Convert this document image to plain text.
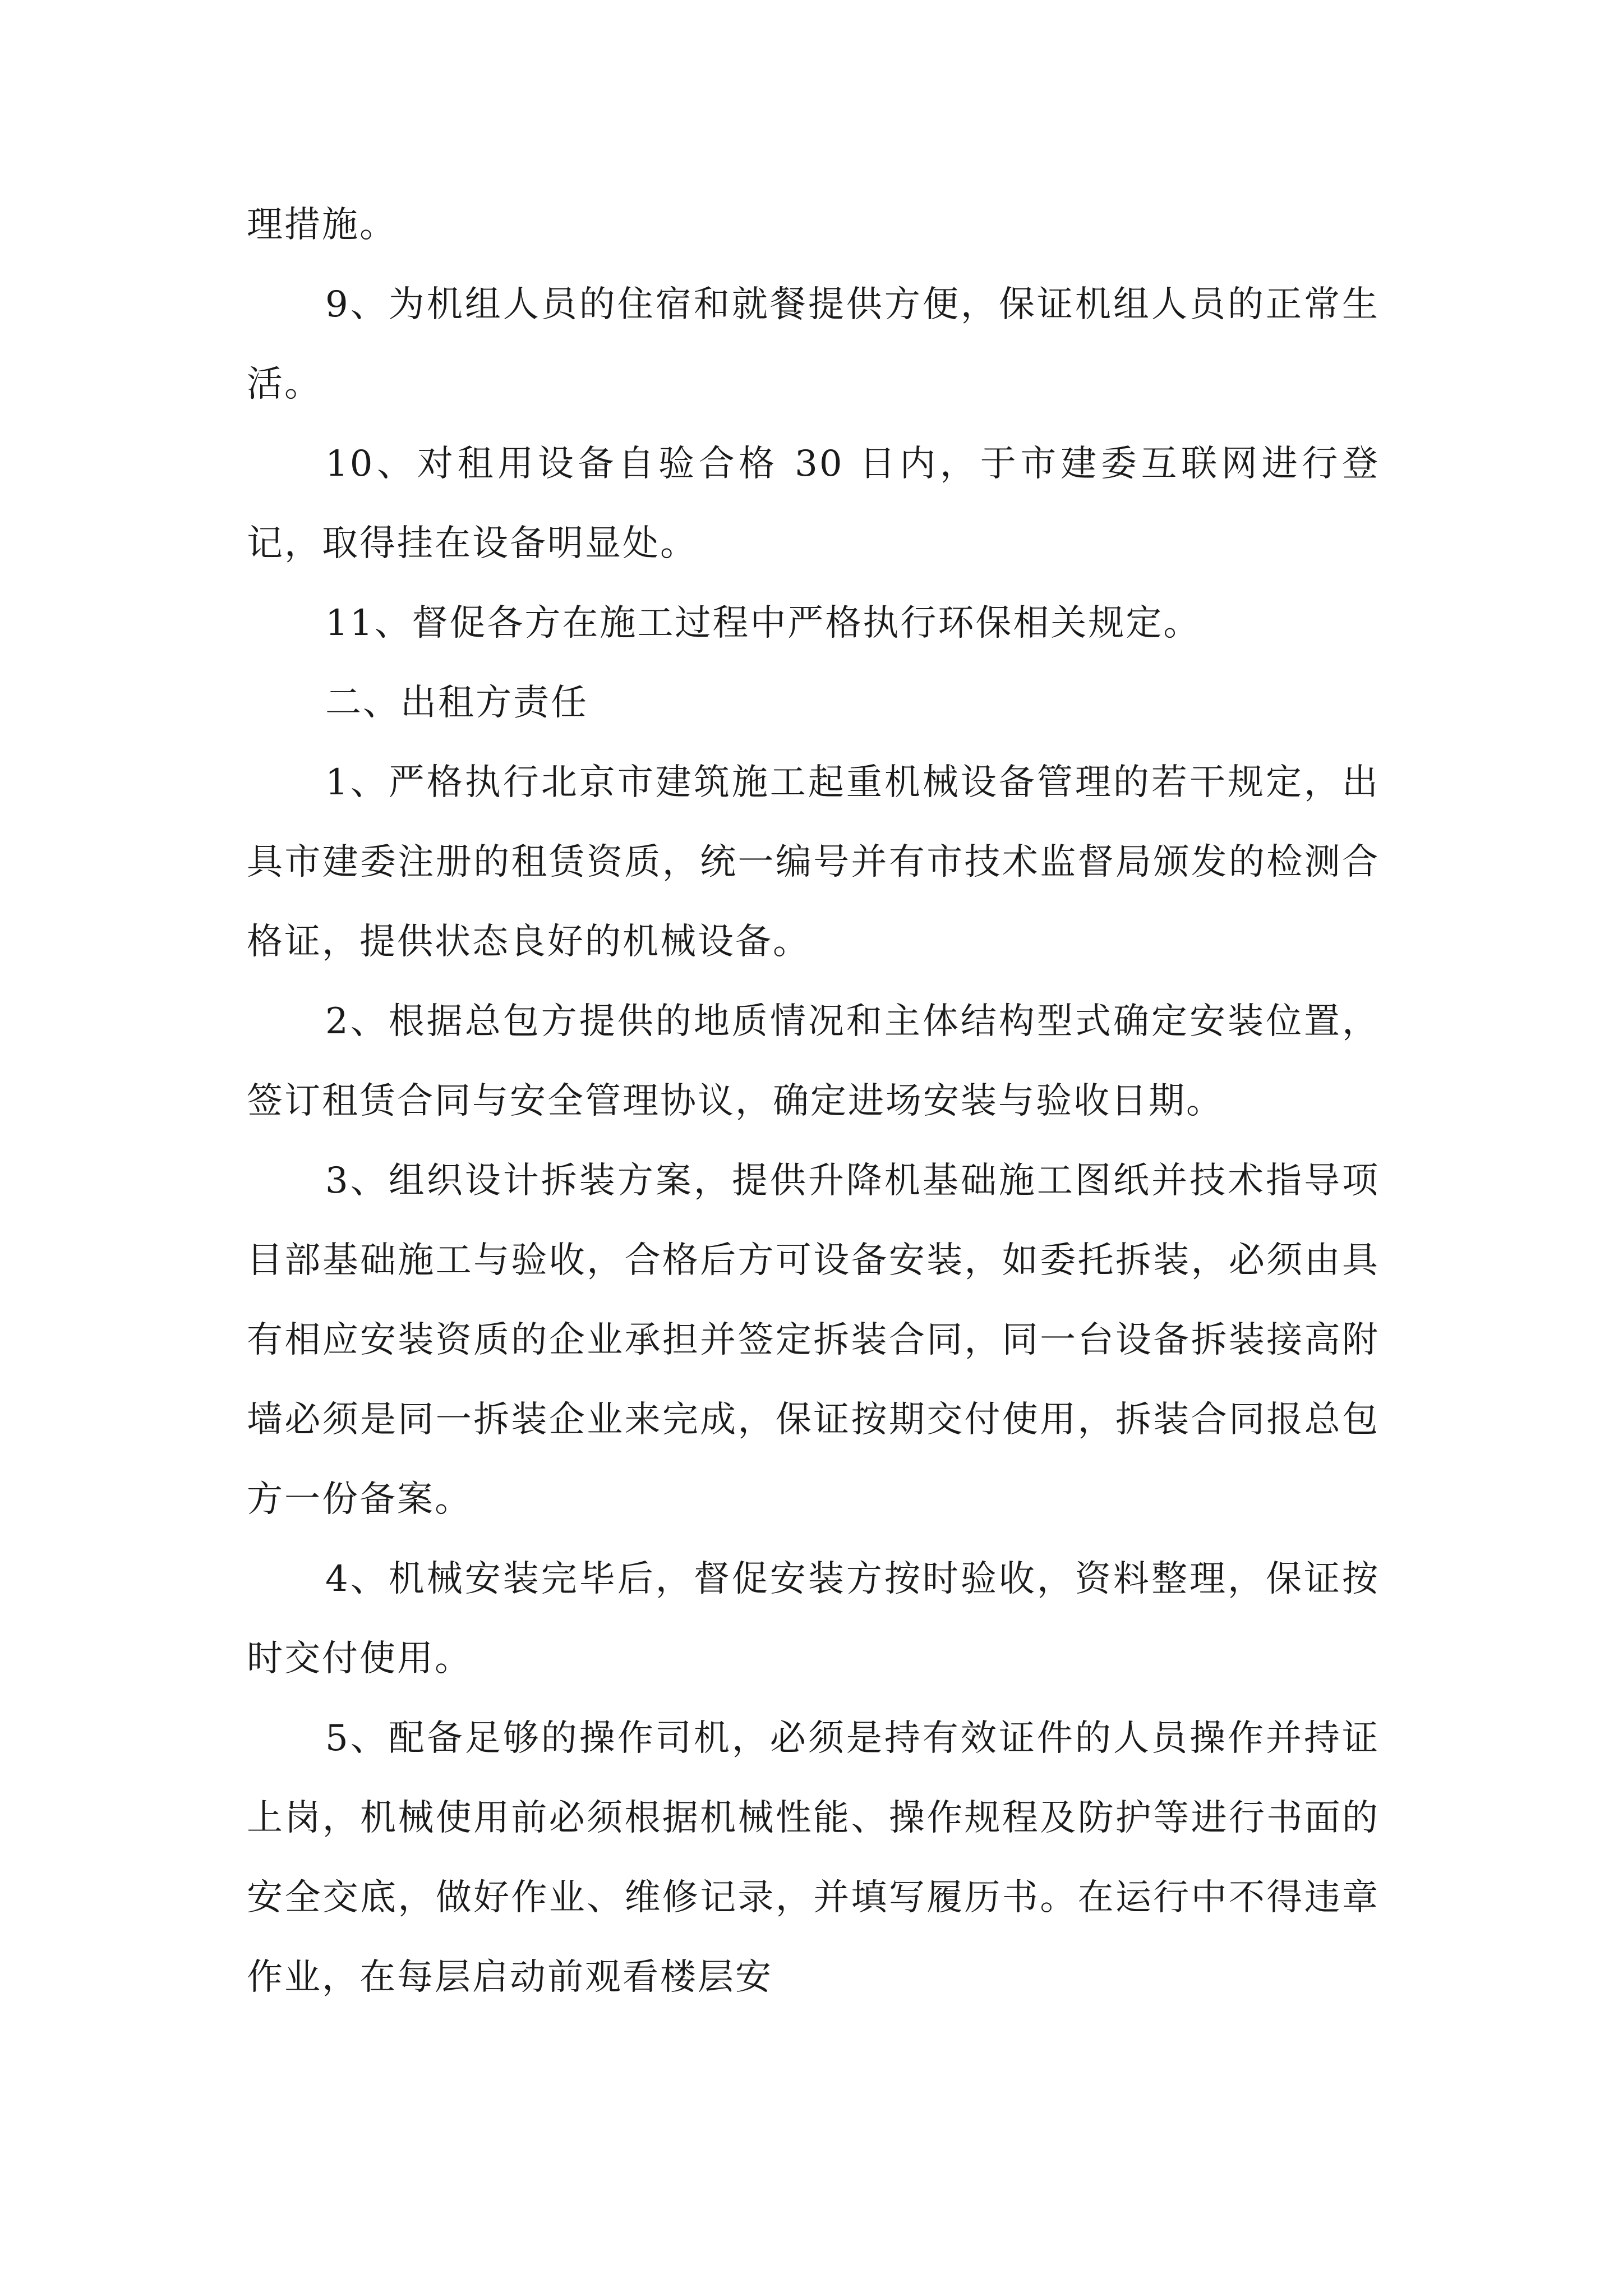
理措施。

9、为机组人员的住宿和就餐提供方便，保证机组人员的正常生活。

10、对租用设备自验合格 30 日内，于市建委互联网进行登记，取得挂在设备明显处。

11、督促各方在施工过程中严格执行环保相关规定。

二、出租方责任

1、严格执行北京市建筑施工起重机械设备管理的若干规定，出具市建委注册的租赁资质，统一编号并有市技术监督局颁发的检测合格证，提供状态良好的机械设备。

2、根据总包方提供的地质情况和主体结构型式确定安装位置，签订租赁合同与安全管理协议，确定进场安装与验收日期。

3、组织设计拆装方案，提供升降机基础施工图纸并技术指导项目部基础施工与验收，合格后方可设备安装，如委托拆装，必须由具有相应安装资质的企业承担并签定拆装合同，同一台设备拆装接高附墙必须是同一拆装企业来完成，保证按期交付使用，拆装合同报总包方一份备案。

4、机械安装完毕后，督促安装方按时验收，资料整理，保证按时交付使用。

5、配备足够的操作司机，必须是持有效证件的人员操作并持证上岗，机械使用前必须根据机械性能、操作规程及防护等进行书面的安全交底，做好作业、维修记录，并填写履历书。在运行中不得违章作业，在每层启动前观看楼层安
